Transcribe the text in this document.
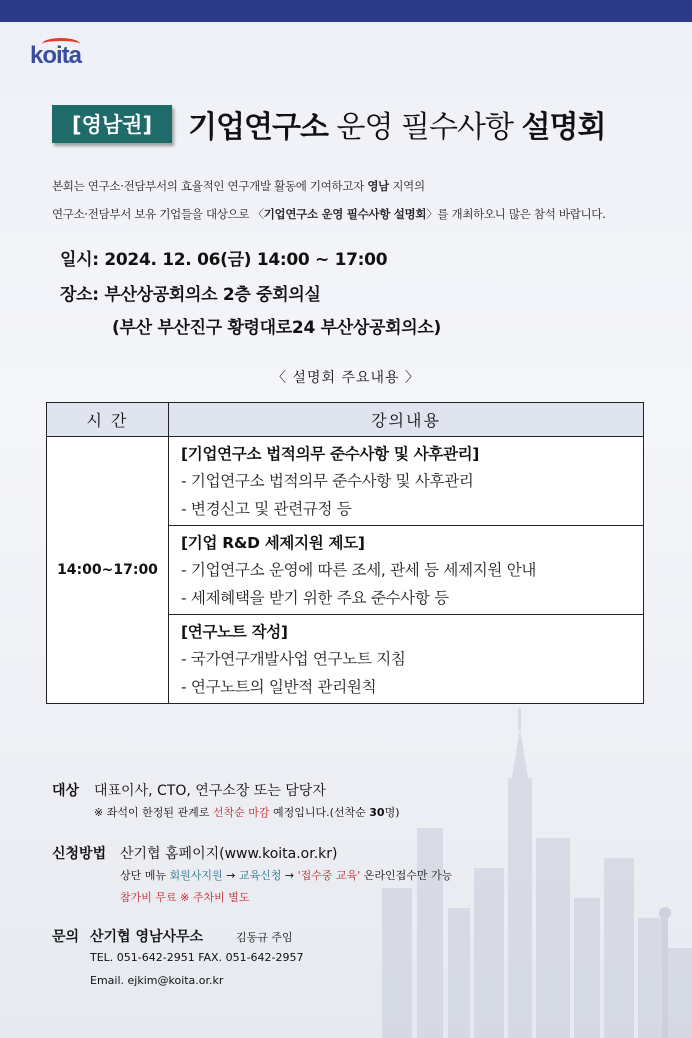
koita
[영남권]	기업연구소 운영 필수사항 설명회
본회는 연구소·전담부서의 효율적인 연구개발 활동에 기여하고자 영남 지역의
연구소·전담부서 보유 기업들을 대상으로 〈기업연구소 운영 필수사항 설명회〉를 개최하오니 많은 참석 바랍니다.
일시: 2024. 12. 06(금) 14:00 ~ 17:00
장소: 부산상공회의소 2층 중회의실
(부산 부산진구 황령대로24 부산상공회의소)
〈 설명회 주요내용 〉
시 간	강의내용
14:00~17:00	[기업연구소 법적의무 준수사항 및 사후관리]
- 기업연구소 법적의무 준수사항 및 사후관리
- 변경신고 및 관련규정 등

	[기업 R&D 세제지원 제도]
- 기업연구소 운영에 따른 조세, 관세 등 세제지원 안내
- 세제혜택을 받기 위한 주요 준수사항 등

	[연구노트 작성]
- 국가연구개발사업 연구노트 지침
- 연구노트의 일반적 관리원칙
대상 대표이사, CTO, 연구소장 또는 담당자
※ 좌석이 한정된 관계로 선착순 마감 예정입니다.(선착순 30명)
신청방법 산기협 홈페이지(www.koita.or.kr)
상단 메뉴 회원사지원 → 교육신청 → '접수중 교육' 온라인접수만 가능
참가비 무료 ※ 주차비 별도
문의 산기협 영남사무소	김동규 주임
TEL. 051-642-2951 FAX. 051-642-2957
Email. ejkim@koita.or.kr
